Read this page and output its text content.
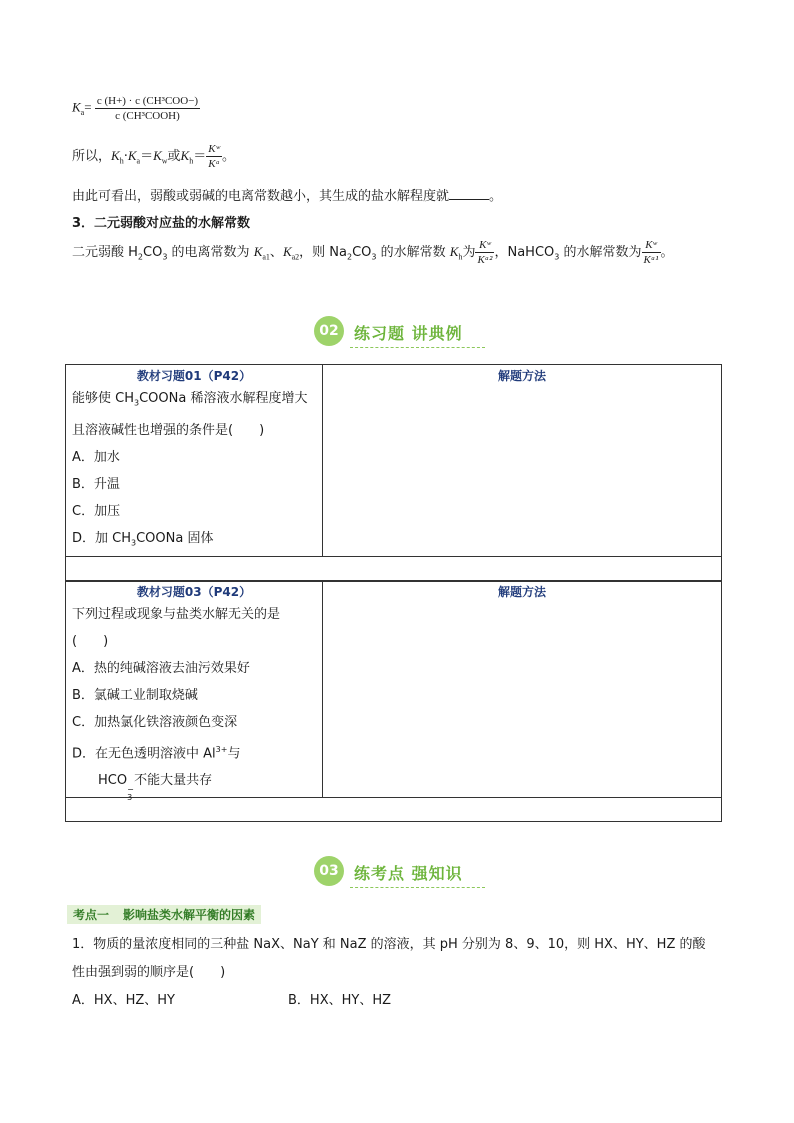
$K_a= \frac{\text{c (H+) · c (CH³COO−)}}{\text{c (CH³COOH)}}$
所以，$K_h\cdot K_a=K_w$或$K_h= \frac{\text{Kʷ}}{\text{Kᵃ}}$ 。
由此可看出，弱酸或弱碱的电离常数越小，其生成的盐水解程度就	。
3．二元弱酸对应盐的水解常数
二元弱酸 $H_2CO_3$ 的电离常数为 $K_{a1}$、$K_{a2}$，则 $Na_2CO_3$ 的水解常数 $K_h$为 $\frac{\text{Kʷ}}{\text{Kᵃ²}}$ ，NaHCO$_3$ 的水解常数为 $\frac{\text{Kʷ}}{\text{Kᵃ¹}}$ 。
02 练习题 讲典例
教材习题01（P42）
能够使 $CH_3COONa$ 稀溶液水解程度增大
且溶液碱性也增强的条件是(　　)
A．加水
B．升温
C．加压
D．加 $CH_3COONa$ 固体

解题方法

教材习题03（P42）
下列过程或现象与盐类水解无关的是
(　　)
A．热的纯碱溶液去油污效果好
B．氯碱工业制取烧碱
C．加热氯化铁溶液颜色变深
D．在无色透明溶液中 $Al^{3+}$与
HCO
−
3
不能大量共存

解题方法

03 练考点 强知识
考点一 影响盐类水解平衡的因素
1．物质的量浓度相同的三种盐 NaX、NaY 和 NaZ 的溶液，其 pH 分别为 8、9、10，则 HX、HY、HZ 的酸
性由强到弱的顺序是(　　)
A．HX、HZ、HY	B．HX、HY、HZ
